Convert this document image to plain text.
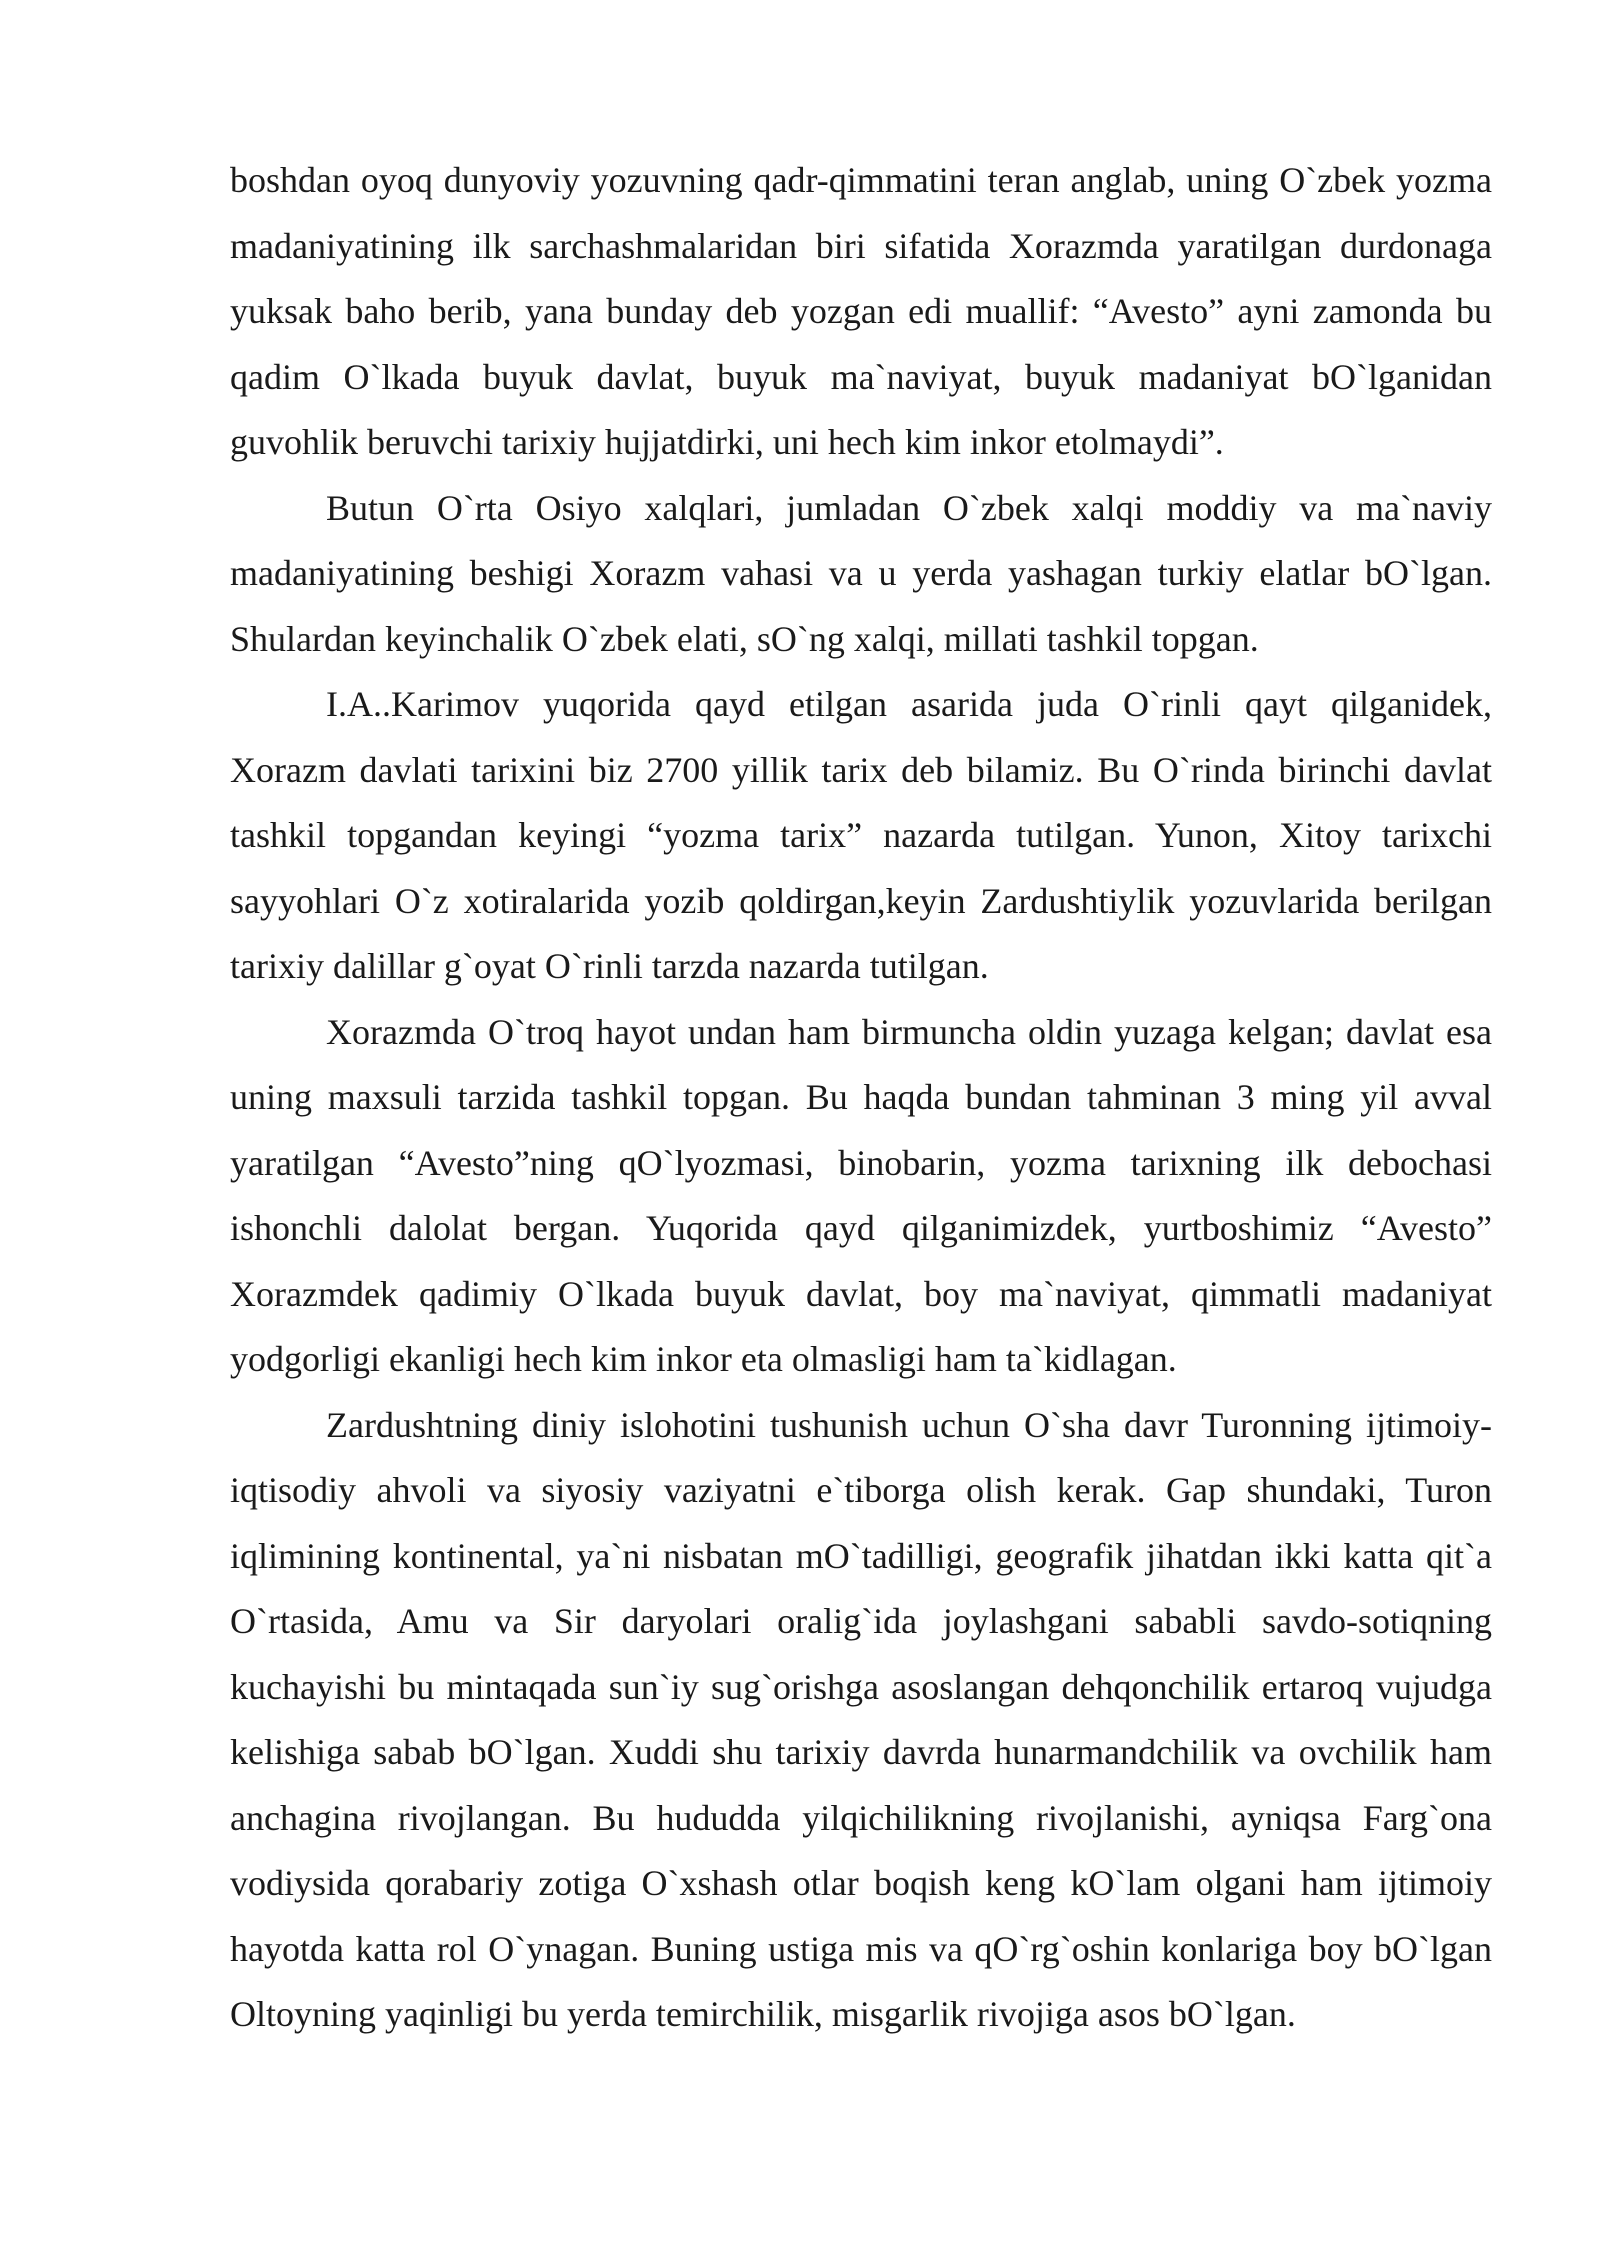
boshdan oyoq dunyoviy yozuvning qadr-qimmatini teran anglab, uning O`zbek yozma madaniyatining ilk sarchashmalaridan biri sifatida Xorazmda yaratilgan durdonaga yuksak baho berib, yana bunday deb yozgan edi muallif: “Avesto” ayni zamonda bu qadim O`lkada buyuk davlat, buyuk ma`naviyat, buyuk madaniyat bO`lganidan guvohlik beruvchi tarixiy hujjatdirki, uni hech kim inkor etolmaydi”.

Butun O`rta Osiyo xalqlari, jumladan O`zbek xalqi moddiy va ma`naviy madaniyatining beshigi Xorazm vahasi va u yerda yashagan turkiy elatlar bO`lgan. Shulardan keyinchalik O`zbek elati, sO`ng xalqi, millati tashkil topgan.

I.A..Karimov yuqorida qayd etilgan asarida juda O`rinli qayt qilganidek, Xorazm davlati tarixini biz 2700 yillik tarix deb bilamiz. Bu O`rinda birinchi davlat tashkil topgandan keyingi “yozma tarix” nazarda tutilgan. Yunon, Xitoy tarixchi sayyohlari O`z xotiralarida yozib qoldirgan,keyin Zardushtiylik yozuvlarida berilgan tarixiy dalillar g`oyat O`rinli tarzda nazarda tutilgan.

Xorazmda O`troq hayot undan ham birmuncha oldin yuzaga kelgan; davlat esa uning maxsuli tarzida tashkil topgan. Bu haqda bundan tahminan 3 ming yil avval yaratilgan “Avesto”ning qO`lyozmasi, binobarin, yozma tarixning ilk debochasi ishonchli dalolat bergan. Yuqorida qayd qilganimizdek, yurtboshimiz “Avesto” Xorazmdek qadimiy O`lkada buyuk davlat, boy ma`naviyat, qimmatli madaniyat yodgorligi ekanligi hech kim inkor eta olmasligi ham ta`kidlagan.

Zardushtning diniy islohotini tushunish uchun O`sha davr Turonning ijtimoiy-iqtisodiy ahvoli va siyosiy vaziyatni e`tiborga olish kerak. Gap shundaki, Turon iqlimining kontinental, ya`ni nisbatan mO`tadilligi, geografik jihatdan ikki katta qit`a O`rtasida, Amu va Sir daryolari oralig`ida joylashgani sababli savdo-sotiqning kuchayishi bu mintaqada sun`iy sug`orishga asoslangan dehqonchilik ertaroq vujudga kelishiga sabab bO`lgan. Xuddi shu tarixiy davrda hunarmandchilik va ovchilik ham anchagina rivojlangan. Bu hududda yilqichilikning rivojlanishi, ayniqsa Farg`ona vodiysida qorabariy zotiga O`xshash otlar boqish keng kO`lam olgani ham ijtimoiy hayotda katta rol O`ynagan. Buning ustiga mis va qO`rg`oshin konlariga boy bO`lgan Oltoyning yaqinligi bu yerda temirchilik, misgarlik rivojiga asos bO`lgan.
